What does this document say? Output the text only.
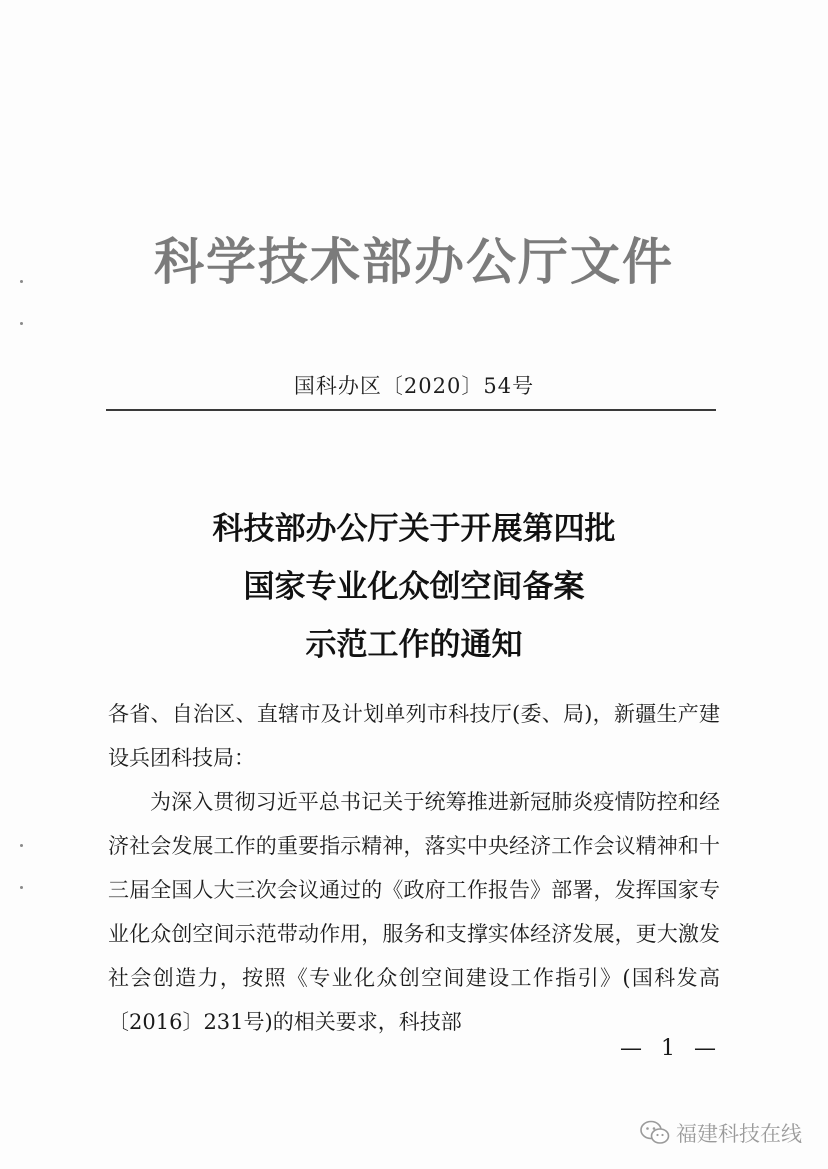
科学技术部办公厅文件
国科办区〔2020〕54号
科技部办公厅关于开展第四批
国家专业化众创空间备案
示范工作的通知

各省、自治区、直辖市及计划单列市科技厅(委、局)，新疆生产建设兵团科技局：

为深入贯彻习近平总书记关于统筹推进新冠肺炎疫情防控和经济社会发展工作的重要指示精神，落实中央经济工作会议精神和十三届全国人大三次会议通过的《政府工作报告》部署，发挥国家专业化众创空间示范带动作用，服务和支撑实体经济发展，更大激发社会创造力，按照《专业化众创空间建设工作指引》(国科发高〔2016〕231号)的相关要求，科技部

— 1 —
福建科技在线
